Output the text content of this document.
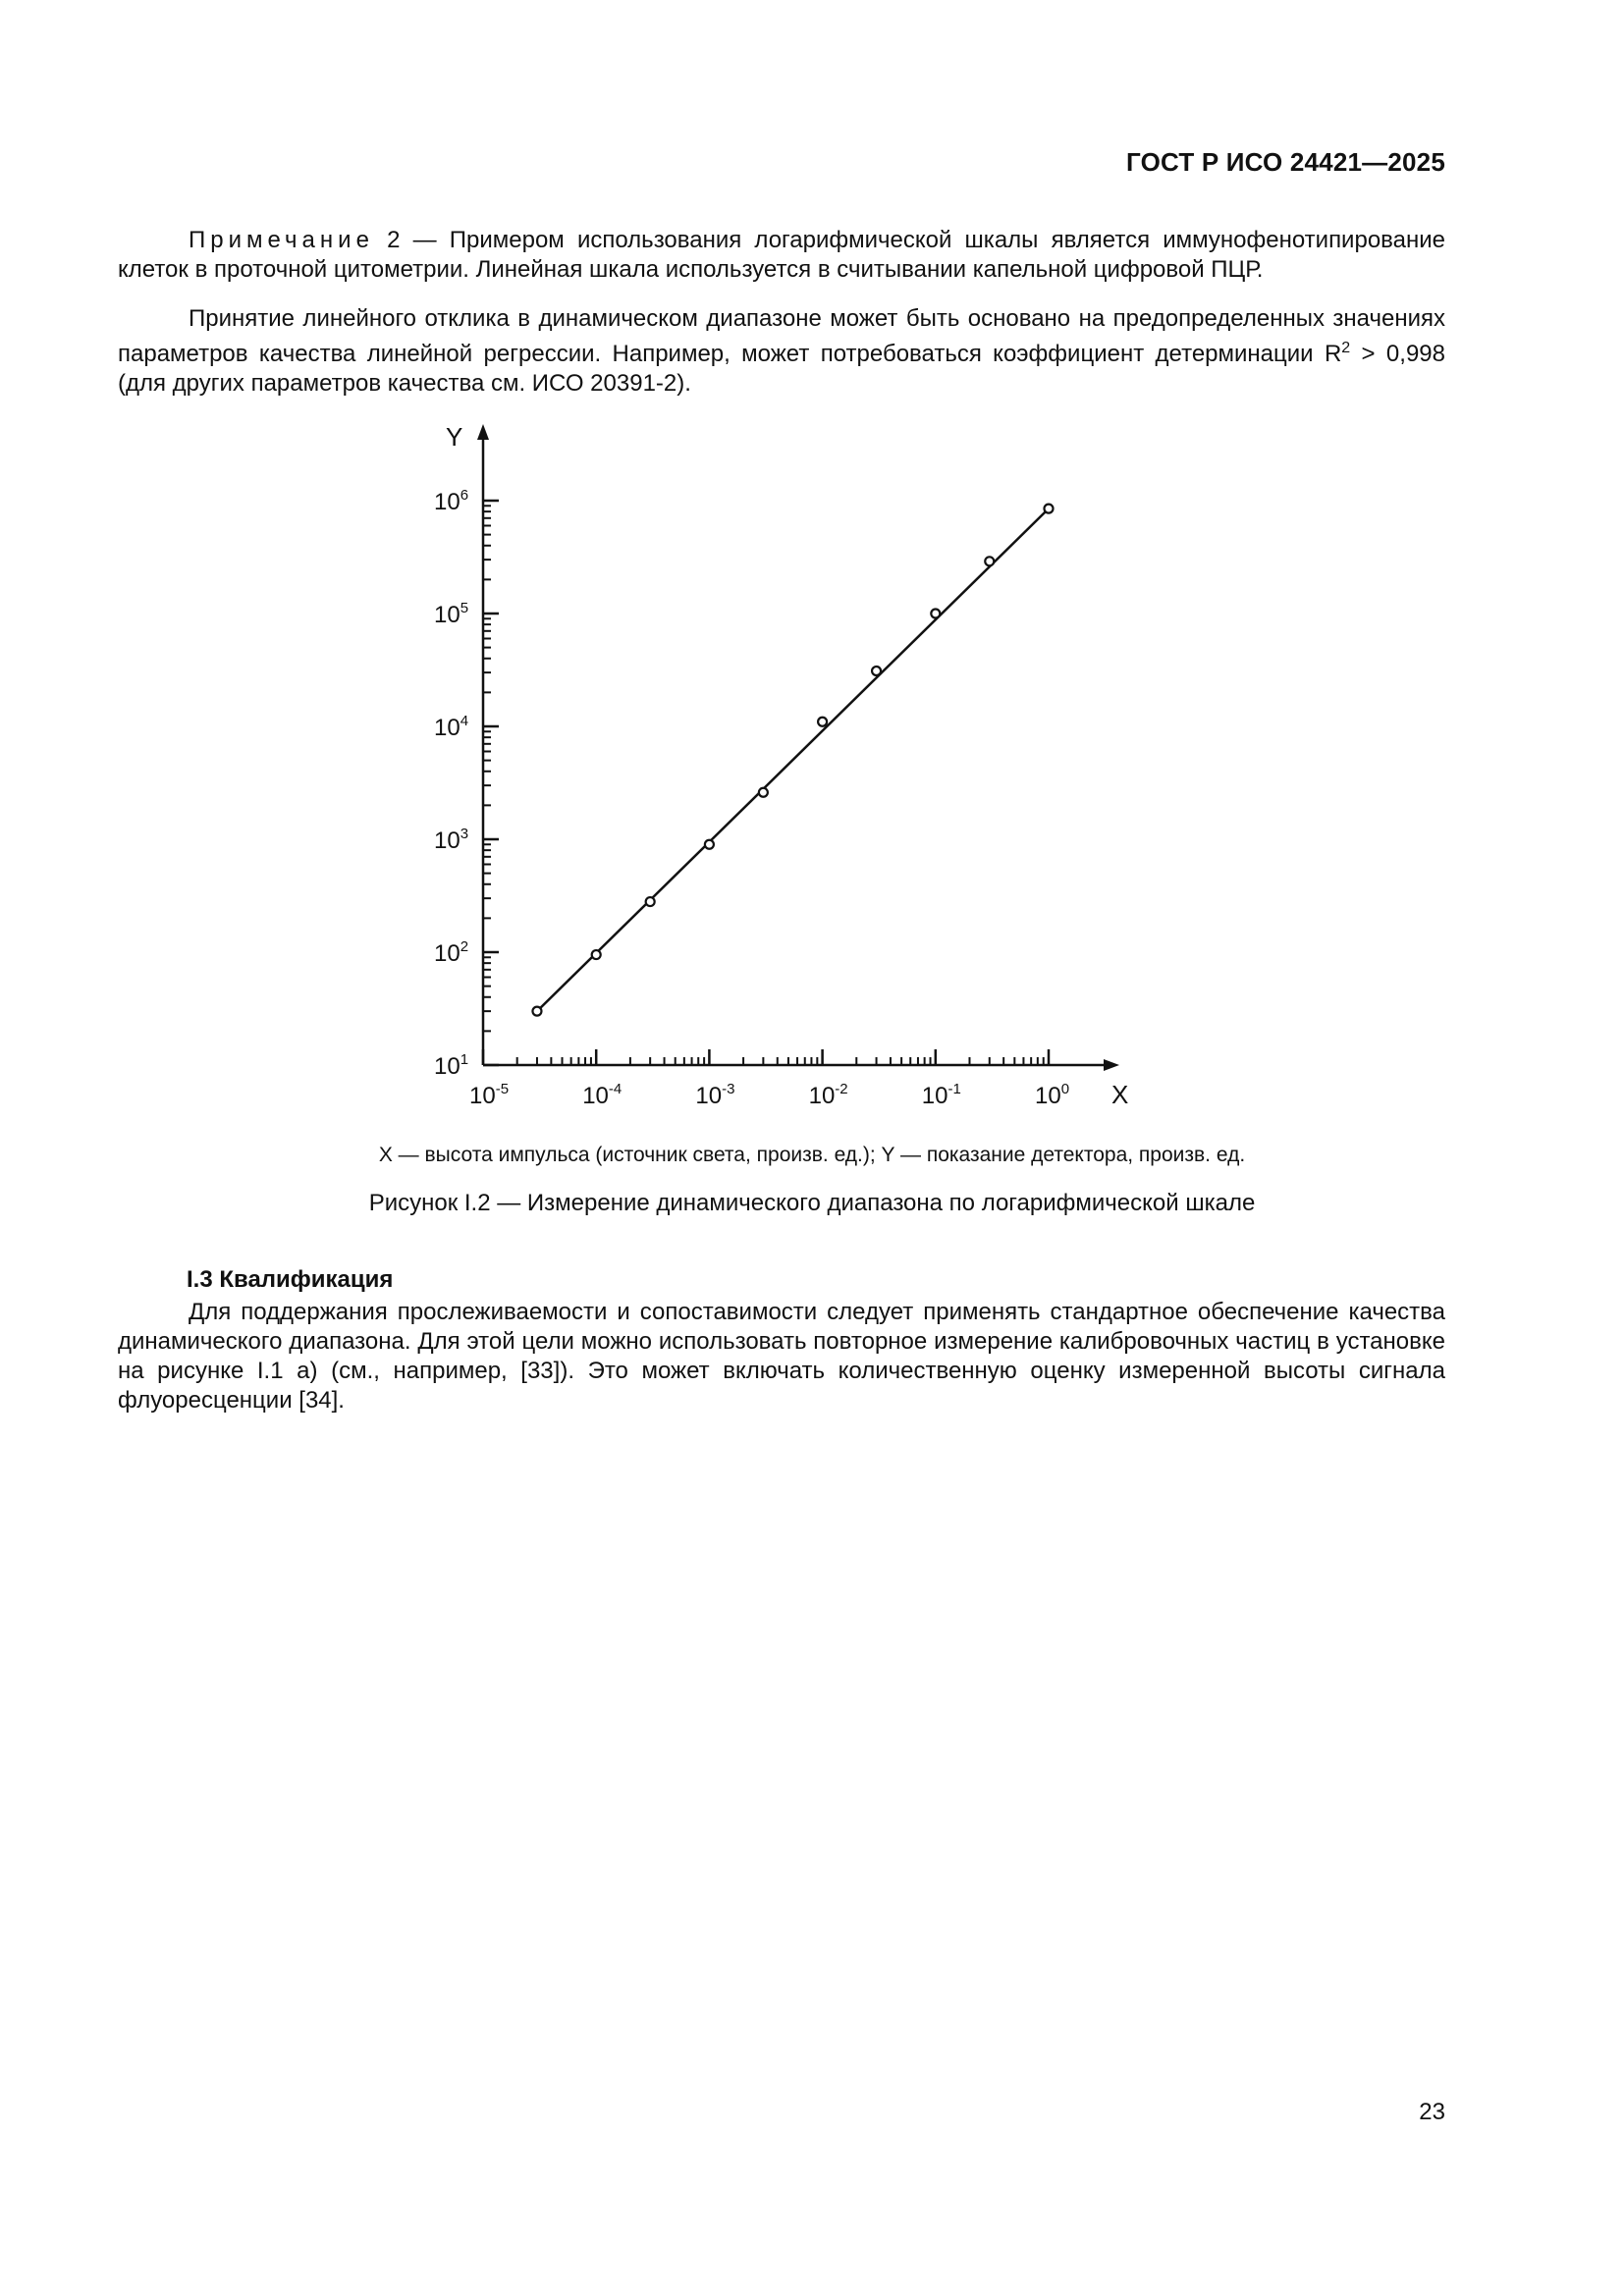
ГОСТ Р ИСО 24421—2025
Примечание 2 — Примером использования логарифмической шкалы является иммунофенотипирование клеток в проточной цитометрии. Линейная шкала используется в считывании капельной цифровой ПЦР.
Принятие линейного отклика в динамическом диапазоне может быть основано на предопределенных значениях параметров качества линейной регрессии. Например, может потребоваться коэффициент детерминации $R^2 > 0,998$ (для других параметров качества см. ИСО 20391-2).
X
Y
$10^{-5}$	$10^{-4}$	$10^{-3}$	$10^{-2}$	$10^{-1}$	$10^0$
$10^1$
$10^2$
$10^3$
$10^4$
$10^5$
$10^6$
X — высота импульса (источник света, произв. ед.); Y — показание детектора, произв. ед.
Рисунок I.2 — Измерение динамического диапазона по логарифмической шкале
I.3 Квалификация
Для поддержания прослеживаемости и сопоставимости следует применять стандартное обеспечение качества динамического диапазона. Для этой цели можно использовать повторное измерение калибровочных частиц в установке на рисунке I.1 а) (см., например, [33]). Это может включать количественную оценку измеренной высоты сигнала флуоресценции [34].
23
